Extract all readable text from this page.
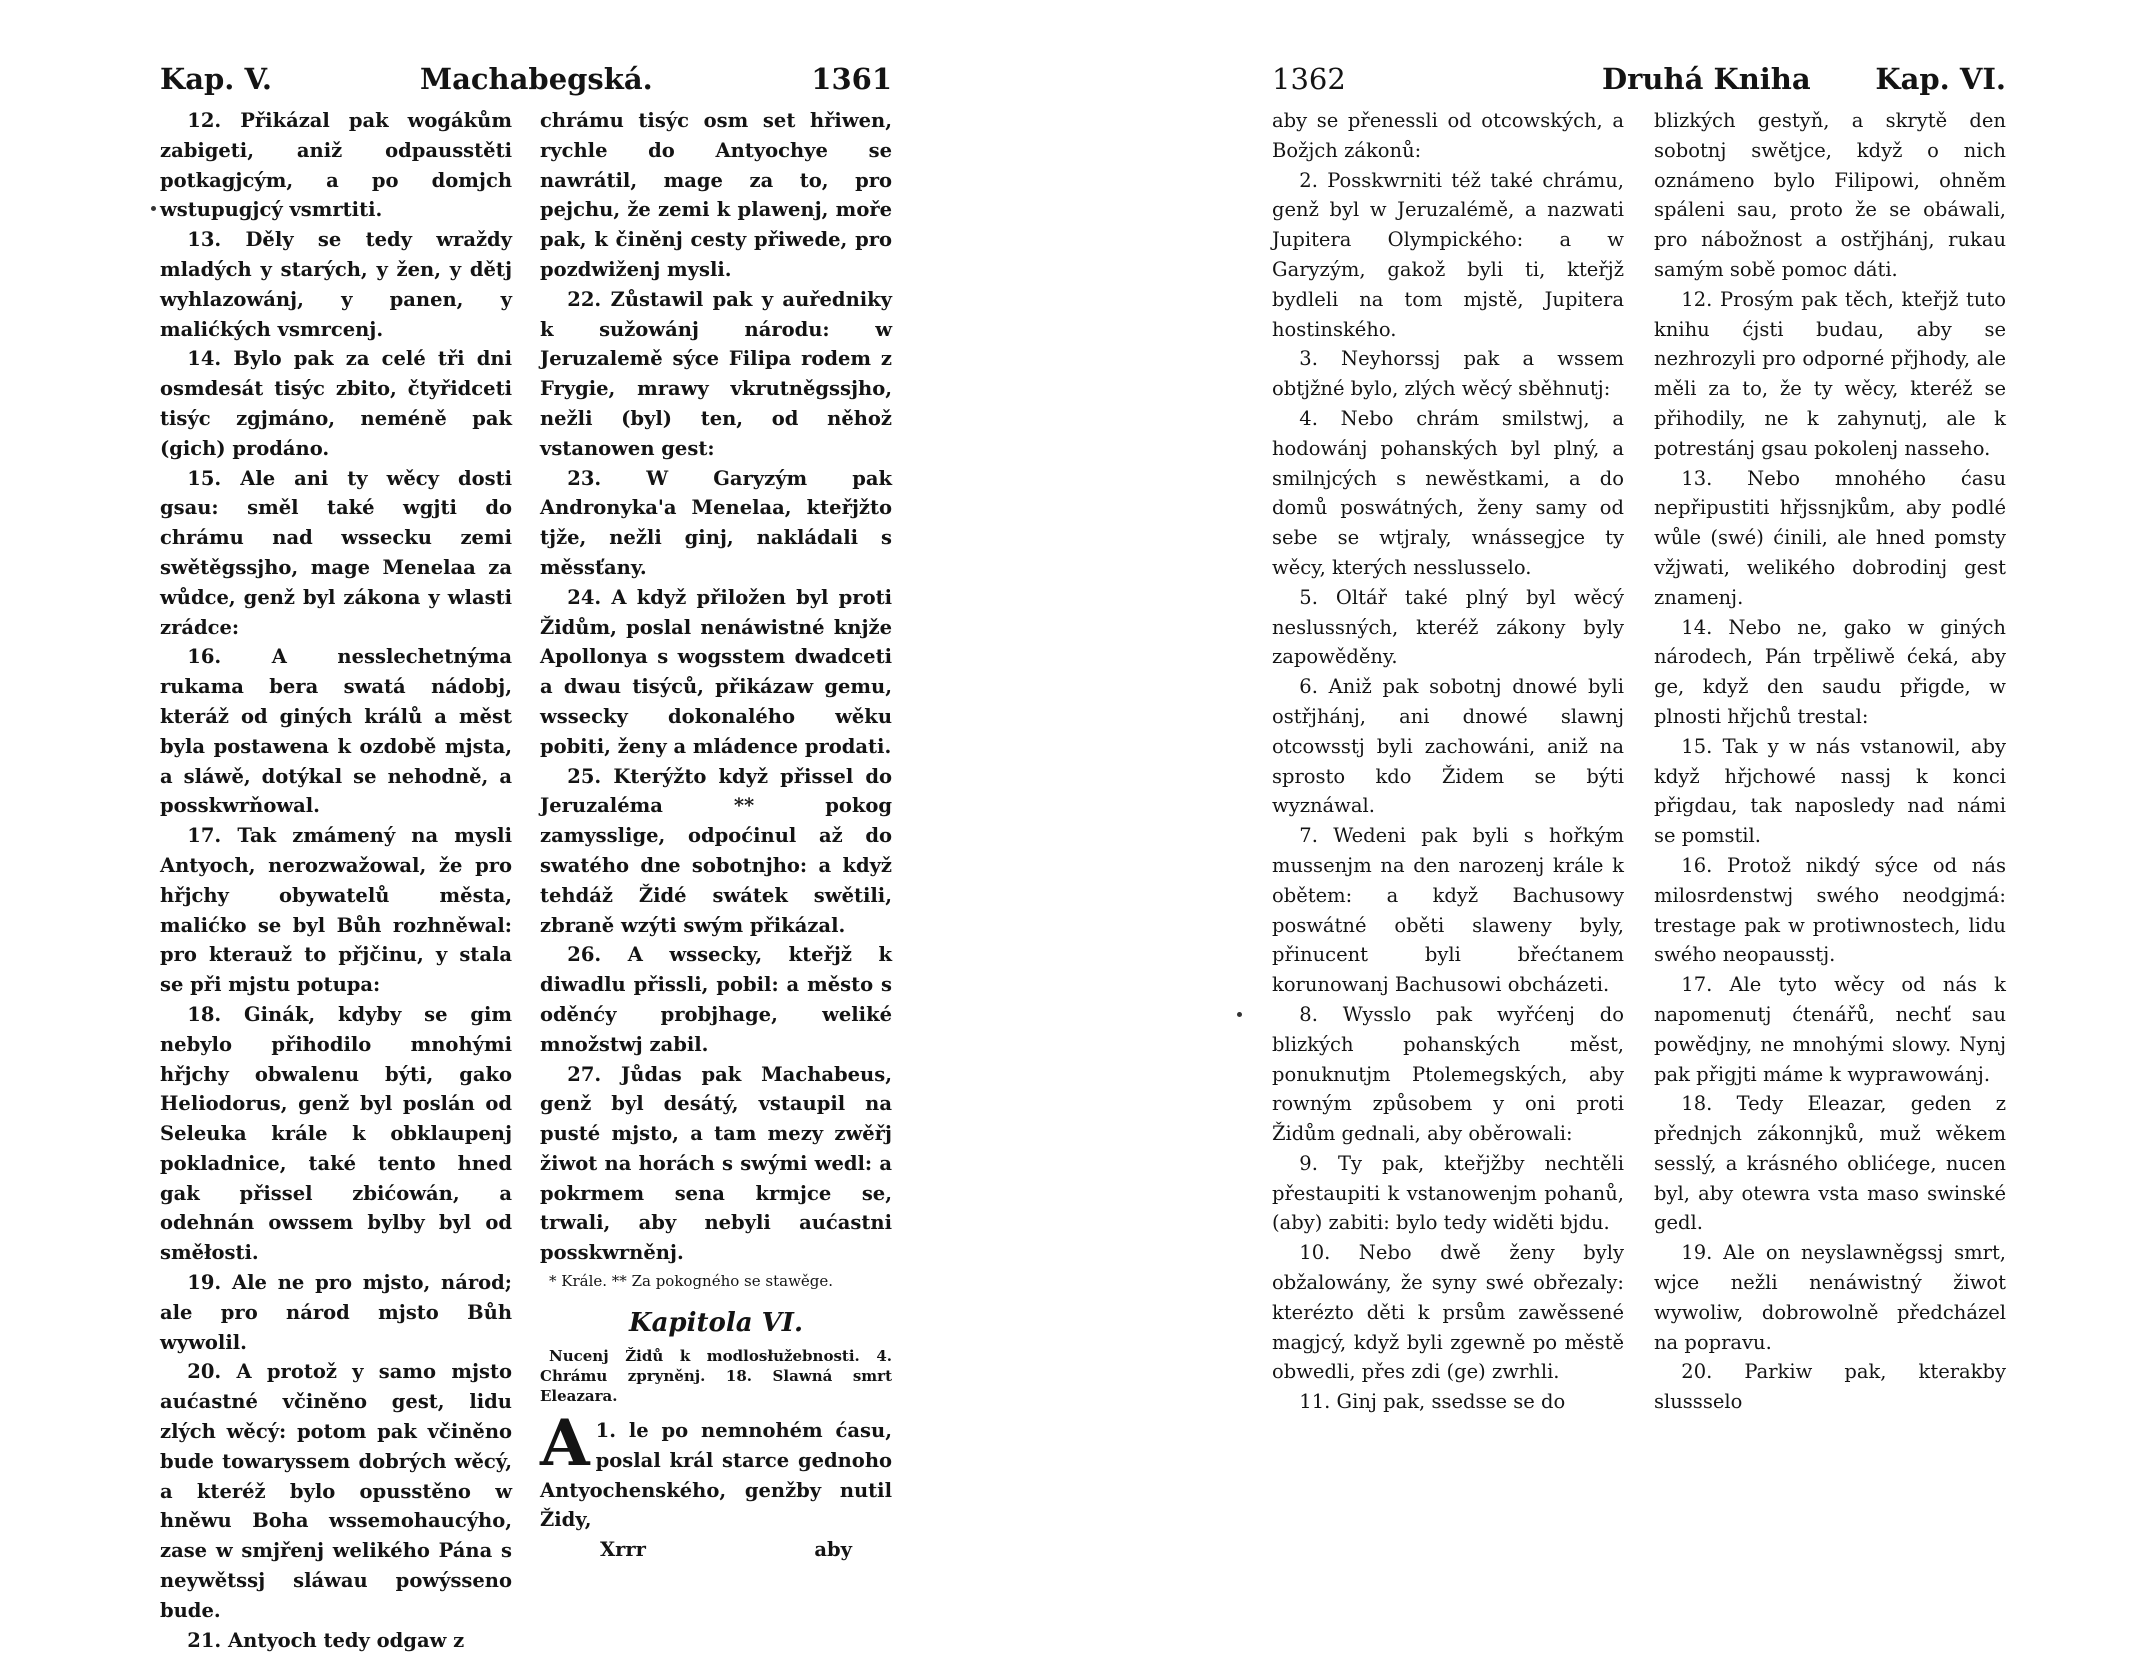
Kap. V.	Machabegská.	1361

12. Přikázal pak wogákům zabigeti, aniž odpausstěti potkagjcým, a po domjch wstupugjcý vsmrtiti.

13. Děly se tedy wraždy mladých y starých, y žen, y dětj wyhlazowánj, y panen, y malićkých vsmrcenj.

14. Bylo pak za celé tři dni osmdesát tisýc zbito, čtyřidceti tisýc zgjmáno, neméně pak (gich) prodáno.

15. Ale ani ty wěcy dosti gsau: směl také wgjti do chrámu nad wssecku zemi swětěgssjho, mage Menelaa za wůdce, genž byl zákona y wlasti zrádce:

16. A nesslechetnýma rukama bera swatá nádobj, kteráž od giných králů a měst byla postawena k ozdobě mjsta, a sláwě, dotýkal se nehodně, a posskwrňowal.

17. Tak zmámený na mysli Antyoch, nerozwažowal, že pro hřjchy obywatelů města, malićko se byl Bůh rozhněwal: pro kterauž to přjčinu, y stala se při mjstu potupa:

18. Ginák, kdyby se gim nebylo přihodilo mnohými hřjchy obwalenu býti, gako Heliodorus, genž byl poslán od Seleuka krále k obklaupenj pokladnice, také tento hned gak přissel zbićowán, a odehnán owssem bylby byl od směłosti.

19. Ale ne pro mjsto, národ; ale pro národ mjsto Bůh wywolil.

20. A protož y samo mjsto aućastné včiněno gest, lidu zlých wěcý: potom pak včiněno bude towaryssem dobrých wěcý, a kteréž bylo opusstěno w hněwu Boha wssemohaucýho, zase w smjřenj welikého Pána s neywětssj sláwau powýsseno bude.

21. Antyoch tedy odgaw z

chrámu tisýc osm set hřiwen, rychle do Antyochye se nawrátil, mage za to, pro pejchu, že zemi k plawenj, moře pak, k činěnj cesty přiwede, pro pozdwiženj mysli.

22. Zůstawil pak y auředniky k sužowánj národu: w Jeruzalemě sýce Filipa rodem z Frygie, mrawy vkrutněgssjho, nežli (byl) ten, od něhož vstanowen gest:

23. W Garyzým pak Andronyka'a Menelaa, kteřjžto tjže, nežli ginj, nakládali s měssťany.

24. A když přiložen byl proti Židům, poslal nenáwistné knjže Apollonya s wogsstem dwadceti a dwau tisýců, přikázaw gemu, wssecky dokonalého wěku pobiti, ženy a mládence prodati.

25. Kterýžto když přissel do Jeruzaléma ** pokog zamysslige, odpoćinul až do swatého dne sobotnjho: a když tehdáž Židé swátek swětili, zbraně wzýti swým přikázal.

26. A wssecky, kteřjž k diwadlu přissli, pobil: a město s oděnćy probjhage, weliké množstwj zabil.

27. Jůdas pak Machabeus, genž byl desátý, vstaupil na pusté mjsto, a tam mezy zwěřj žiwot na horách s swými wedl: a pokrmem sena krmjce se, trwali, aby nebyli aućastni posskwrněnj.

* Krále. ** Za pokogného se stawěge.

Kapitola VI.

Nucenj Židů k modlosłužebnosti. 4. Chrámu zpryněnj. 18. Slawná smrt Eleazara.

1.
A le po nemnohém ćasu, poslal král starce gednoho Antyochenského, genžby nutil Židy,

Xrrr	aby
1362	Druhá Kniha Kap. VI.

aby se přenessli od otcowských, a Božjch zákonů:

2. Posskwrniti též také chrámu, genž byl w Jeruzalémě, a nazwati Jupitera Olympického: a w Garyzým, gakož byli ti, kteřjž bydleli na tom mjstě, Jupitera hostinského.

3. Neyhorssj pak a wssem obtjžné bylo, zlých wěcý sběhnutj:

4. Nebo chrám smilstwj, a hodowánj pohanských byl plný, a smilnjcých s newěstkami, a do domů poswátných, ženy samy od sebe se wtjraly, wnássegjce ty wěcy, kterých nesslusselo.

5. Oltář také plný byl wěcý neslussných, kteréž zákony byly zapowěděny.

6. Aniž pak sobotnj dnowé byli ostřjhánj, ani dnowé slawnj otcowsstj byli zachowáni, aniž na sprosto kdo Židem se býti wyznáwal.

7. Wedeni pak byli s hořkým mussenjm na den narozenj krále k obětem: a když Bachusowy poswátné oběti slaweny byly, přinucent byli břećtanem korunowanj Bachusowi obcházeti.

8. Wysslo pak wyřćenj do blizkých pohanských měst, ponuknutjm Ptolemegských, aby rowným způsobem y oni proti Židům gednali, aby oběrowali:

9. Ty pak, kteřjžby nechtěli přestaupiti k vstanowenjm pohanů, (aby) zabiti: bylo tedy widěti bjdu.

10. Nebo dwě ženy byly obžalowány, že syny swé obřezaly: kterézto děti k prsům zawěssené magjcý, když byli zgewně po městě obwedli, přes zdi (ge) zwrhli.

11. Ginj pak, ssedsse se do

blizkých gestyň, a skrytě den sobotnj swětjce, když o nich oznámeno bylo Filipowi, ohněm spáleni sau, proto že se obáwali, pro nábožnost a ostřjhánj, rukau samým sobě pomoc dáti.

12. Prosým pak těch, kteřjž tuto knihu ćjsti budau, aby se nezhrozyli pro odporné přjhody, ale měli za to, že ty wěcy, kteréž se přihodily, ne k zahynutj, ale k potrestánj gsau pokolenj nasseho.

13. Nebo mnohého ćasu nepřipustiti hřjssnjkům, aby podlé wůle (swé) ćinili, ale hned pomsty vžjwati, welikého dobrodinj gest znamenj.

14. Nebo ne, gako w giných národech, Pán trpěliwě ćeká, aby ge, když den saudu přigde, w plnosti hřjchů trestal:

15. Tak y w nás vstanowil, aby když hřjchowé nassj k konci přigdau, tak naposledy nad námi se pomstil.

16. Protož nikdý sýce od nás milosrdenstwj swého neodgjmá: trestage pak w protiwnostech, lidu swého neopausstj.

17. Ale tyto wěcy od nás k napomenutj ćtenářů, nechť sau powědjny, ne mnohými slowy. Nynj pak přigjti máme k wyprawowánj.

18. Tedy Eleazar, geden z přednjch zákonnjků, muž wěkem sesslý, a krásného oblićege, nucen byl, aby otewra vsta maso swinské gedl.

19. Ale on neyslawněgssj smrt, wjce nežli nenáwistný žiwot wywoliw, dobrowolně předcházel na popravu.

20. Parkiw pak, kterakby slussselo
